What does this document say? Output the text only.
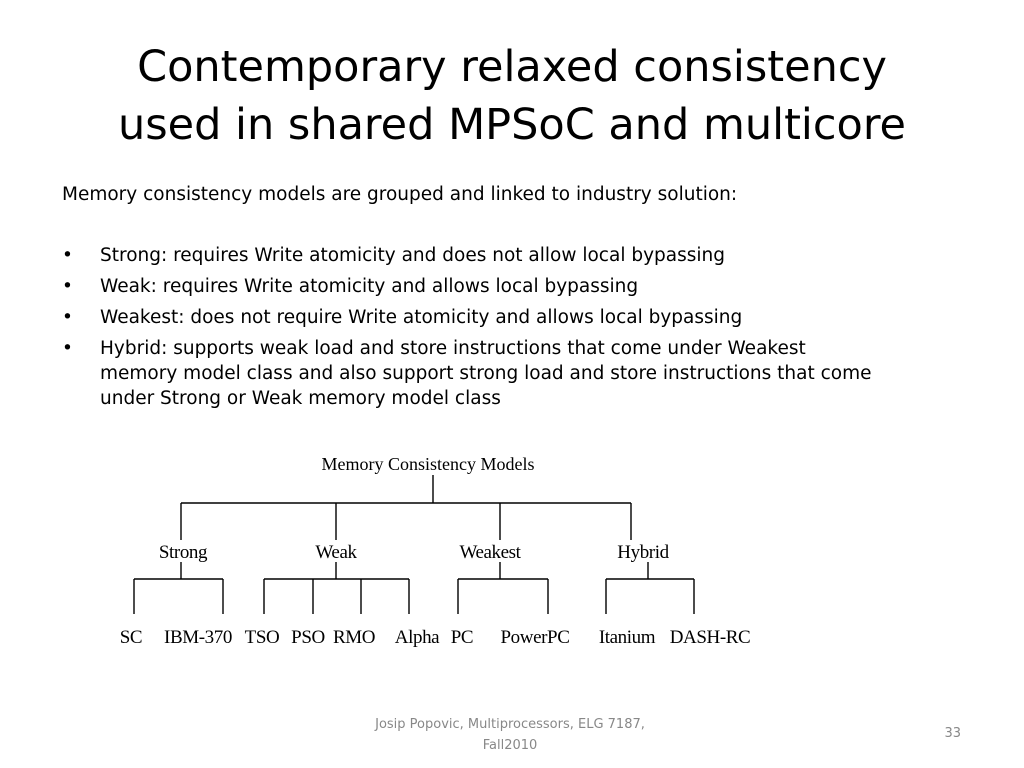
Contemporary relaxed consistency
used in shared MPSoC and multicore
Memory consistency models are grouped and linked to industry solution:
• Strong: requires Write atomicity and does not allow local bypassing
• Weak: requires Write atomicity and allows local bypassing
• Weakest: does not require Write atomicity and allows local bypassing
• Hybrid: supports weak load and store instructions that come under Weakest
memory model class and also support strong load and store instructions that come
under Strong or Weak memory model class
Memory Consistency Models
Strong	Weak	Weakest	Hybrid
SC IBM-370 TSO PSO RMO Alpha PC PowerPC Itanium DASH-RC
Josip Popovic, Multiprocessors, ELG 7187,
Fall2010
33
